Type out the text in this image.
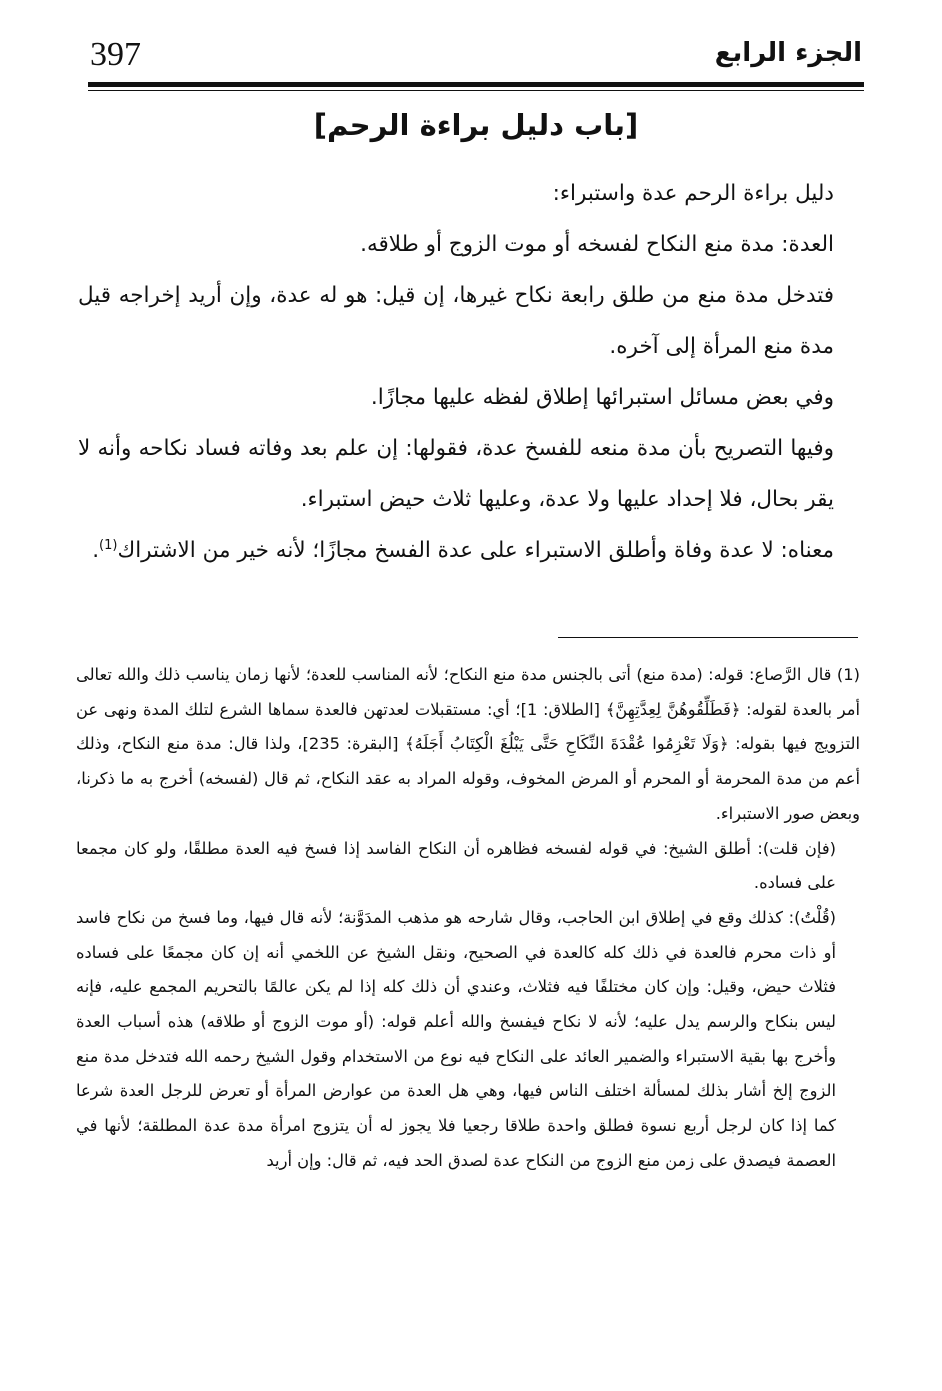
397	الجزء الرابع
[باب دليل براءة الرحم]

دليل براءة الرحم عدة واستبراء:

العدة: مدة منع النكاح لفسخه أو موت الزوج أو طلاقه.

فتدخل مدة منع من طلق رابعة نكاح غيرها، إن قيل: هو له عدة، وإن أريد إخراجه قيل مدة منع المرأة إلى آخره.

وفي بعض مسائل استبرائها إطلاق لفظه عليها مجازًا.

وفيها التصريح بأن مدة منعه للفسخ عدة، فقولها: إن علم بعد وفاته فساد نكاحه وأنه لا يقر بحال، فلا إحداد عليها ولا عدة، وعليها ثلاث حيض استبراء.

معناه: لا عدة وفاة وأطلق الاستبراء على عدة الفسخ مجازًا؛ لأنه خير من الاشتراك$^{(1)}$.

(1) قال الرَّصاع: قوله: (مدة منع) أتى بالجنس مدة منع النكاح؛ لأنه المناسب للعدة؛ لأنها زمان يناسب ذلك والله تعالى أمر بالعدة لقوله: ﴿فَطَلِّقُوهُنَّ لِعِدَّتِهِنَّ﴾ [الطلاق: 1]؛ أي: مستقبلات لعدتهن فالعدة سماها الشرع لتلك المدة ونهى عن التزويج فيها بقوله: ﴿وَلَا تَعْزِمُوا عُقْدَةَ النِّكَاحِ حَتَّى يَبْلُغَ الْكِتَابُ أَجَلَهُ﴾ [البقرة: 235]، ولذا قال: مدة منع النكاح، وذلك أعم من مدة المحرمة أو المحرم أو المرض المخوف، وقوله المراد به عقد النكاح، ثم قال (لفسخه) أخرج به ما ذكرنا، وبعض صور الاستبراء.

(فإن قلت): أطلق الشيخ: في قوله لفسخه فظاهره أن النكاح الفاسد إذا فسخ فيه العدة مطلقًا، ولو كان مجمعا على فساده.

(قُلْتُ): كذلك وقع في إطلاق ابن الحاجب، وقال شارحه هو مذهب المدَوَّنة؛ لأنه قال فيها، وما فسخ من نكاح فاسد أو ذات محرم فالعدة في ذلك كله كالعدة في الصحيح، ونقل الشيخ عن اللخمي أنه إن كان مجمعًا على فساده فثلاث حيض، وقيل: وإن كان مختلفًا فيه فثلاث، وعندي أن ذلك كله إذا لم يكن عالمًا بالتحريم المجمع عليه، فإنه ليس بنكاح والرسم يدل عليه؛ لأنه لا نكاح فيفسخ والله أعلم قوله: (أو موت الزوج أو طلاقه) هذه أسباب العدة وأخرج بها بقية الاستبراء والضمير العائد على النكاح فيه نوع من الاستخدام وقول الشيخ رحمه الله فتدخل مدة منع الزوج إلخ أشار بذلك لمسألة اختلف الناس فيها، وهي هل العدة من عوارض المرأة أو تعرض للرجل العدة شرعا كما إذا كان لرجل أربع نسوة فطلق واحدة طلاقا رجعيا فلا يجوز له أن يتزوج امرأة مدة عدة المطلقة؛ لأنها في العصمة فيصدق على زمن منع الزوج من النكاح عدة لصدق الحد فيه، ثم قال: وإن أريد
